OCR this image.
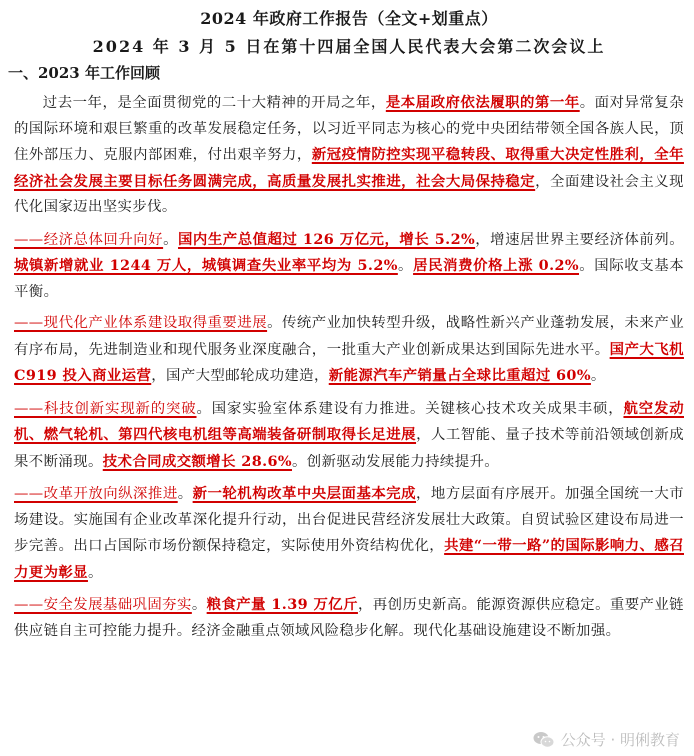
2024 年政府工作报告（全文+划重点）
2024 年 3 月 5 日在第十四届全国人民代表大会第二次会议上
一、2023 年工作回顾

过去一年，是全面贯彻党的二十大精神的开局之年，是本届政府依法履职的第一年。面对异常复杂的国际环境和艰巨繁重的改革发展稳定任务，以习近平同志为核心的党中央团结带领全国各族人民，顶住外部压力、克服内部困难，付出艰辛努力，新冠疫情防控实现平稳转段、取得重大决定性胜利，全年经济社会发展主要目标任务圆满完成，高质量发展扎实推进，社会大局保持稳定，全面建设社会主义现代化国家迈出坚实步伐。

——经济总体回升向好。国内生产总值超过 126 万亿元，增长 5.2%，增速居世界主要经济体前列。城镇新增就业 1244 万人，城镇调查失业率平均为 5.2%。居民消费价格上涨 0.2%。国际收支基本平衡。

——现代化产业体系建设取得重要进展。传统产业加快转型升级，战略性新兴产业蓬勃发展，未来产业有序布局，先进制造业和现代服务业深度融合，一批重大产业创新成果达到国际先进水平。国产大飞机 C919 投入商业运营，国产大型邮轮成功建造，新能源汽车产销量占全球比重超过 60%。

——科技创新实现新的突破。国家实验室体系建设有力推进。关键核心技术攻关成果丰硕，航空发动机、燃气轮机、第四代核电机组等高端装备研制取得长足进展，人工智能、量子技术等前沿领域创新成果不断涌现。技术合同成交额增长 28.6%。创新驱动发展能力持续提升。

——改革开放向纵深推进。新一轮机构改革中央层面基本完成，地方层面有序展开。加强全国统一大市场建设。实施国有企业改革深化提升行动，出台促进民营经济发展壮大政策。自贸试验区建设布局进一步完善。出口占国际市场份额保持稳定，实际使用外资结构优化，共建“一带一路”的国际影响力、感召力更为彰显。

——安全发展基础巩固夯实。粮食产量 1.39 万亿斤，再创历史新高。能源资源供应稳定。重要产业链供应链自主可控能力提升。经济金融重点领域风险稳步化解。现代化基础设施建设不断加强。

公众号 · 明俐教育
